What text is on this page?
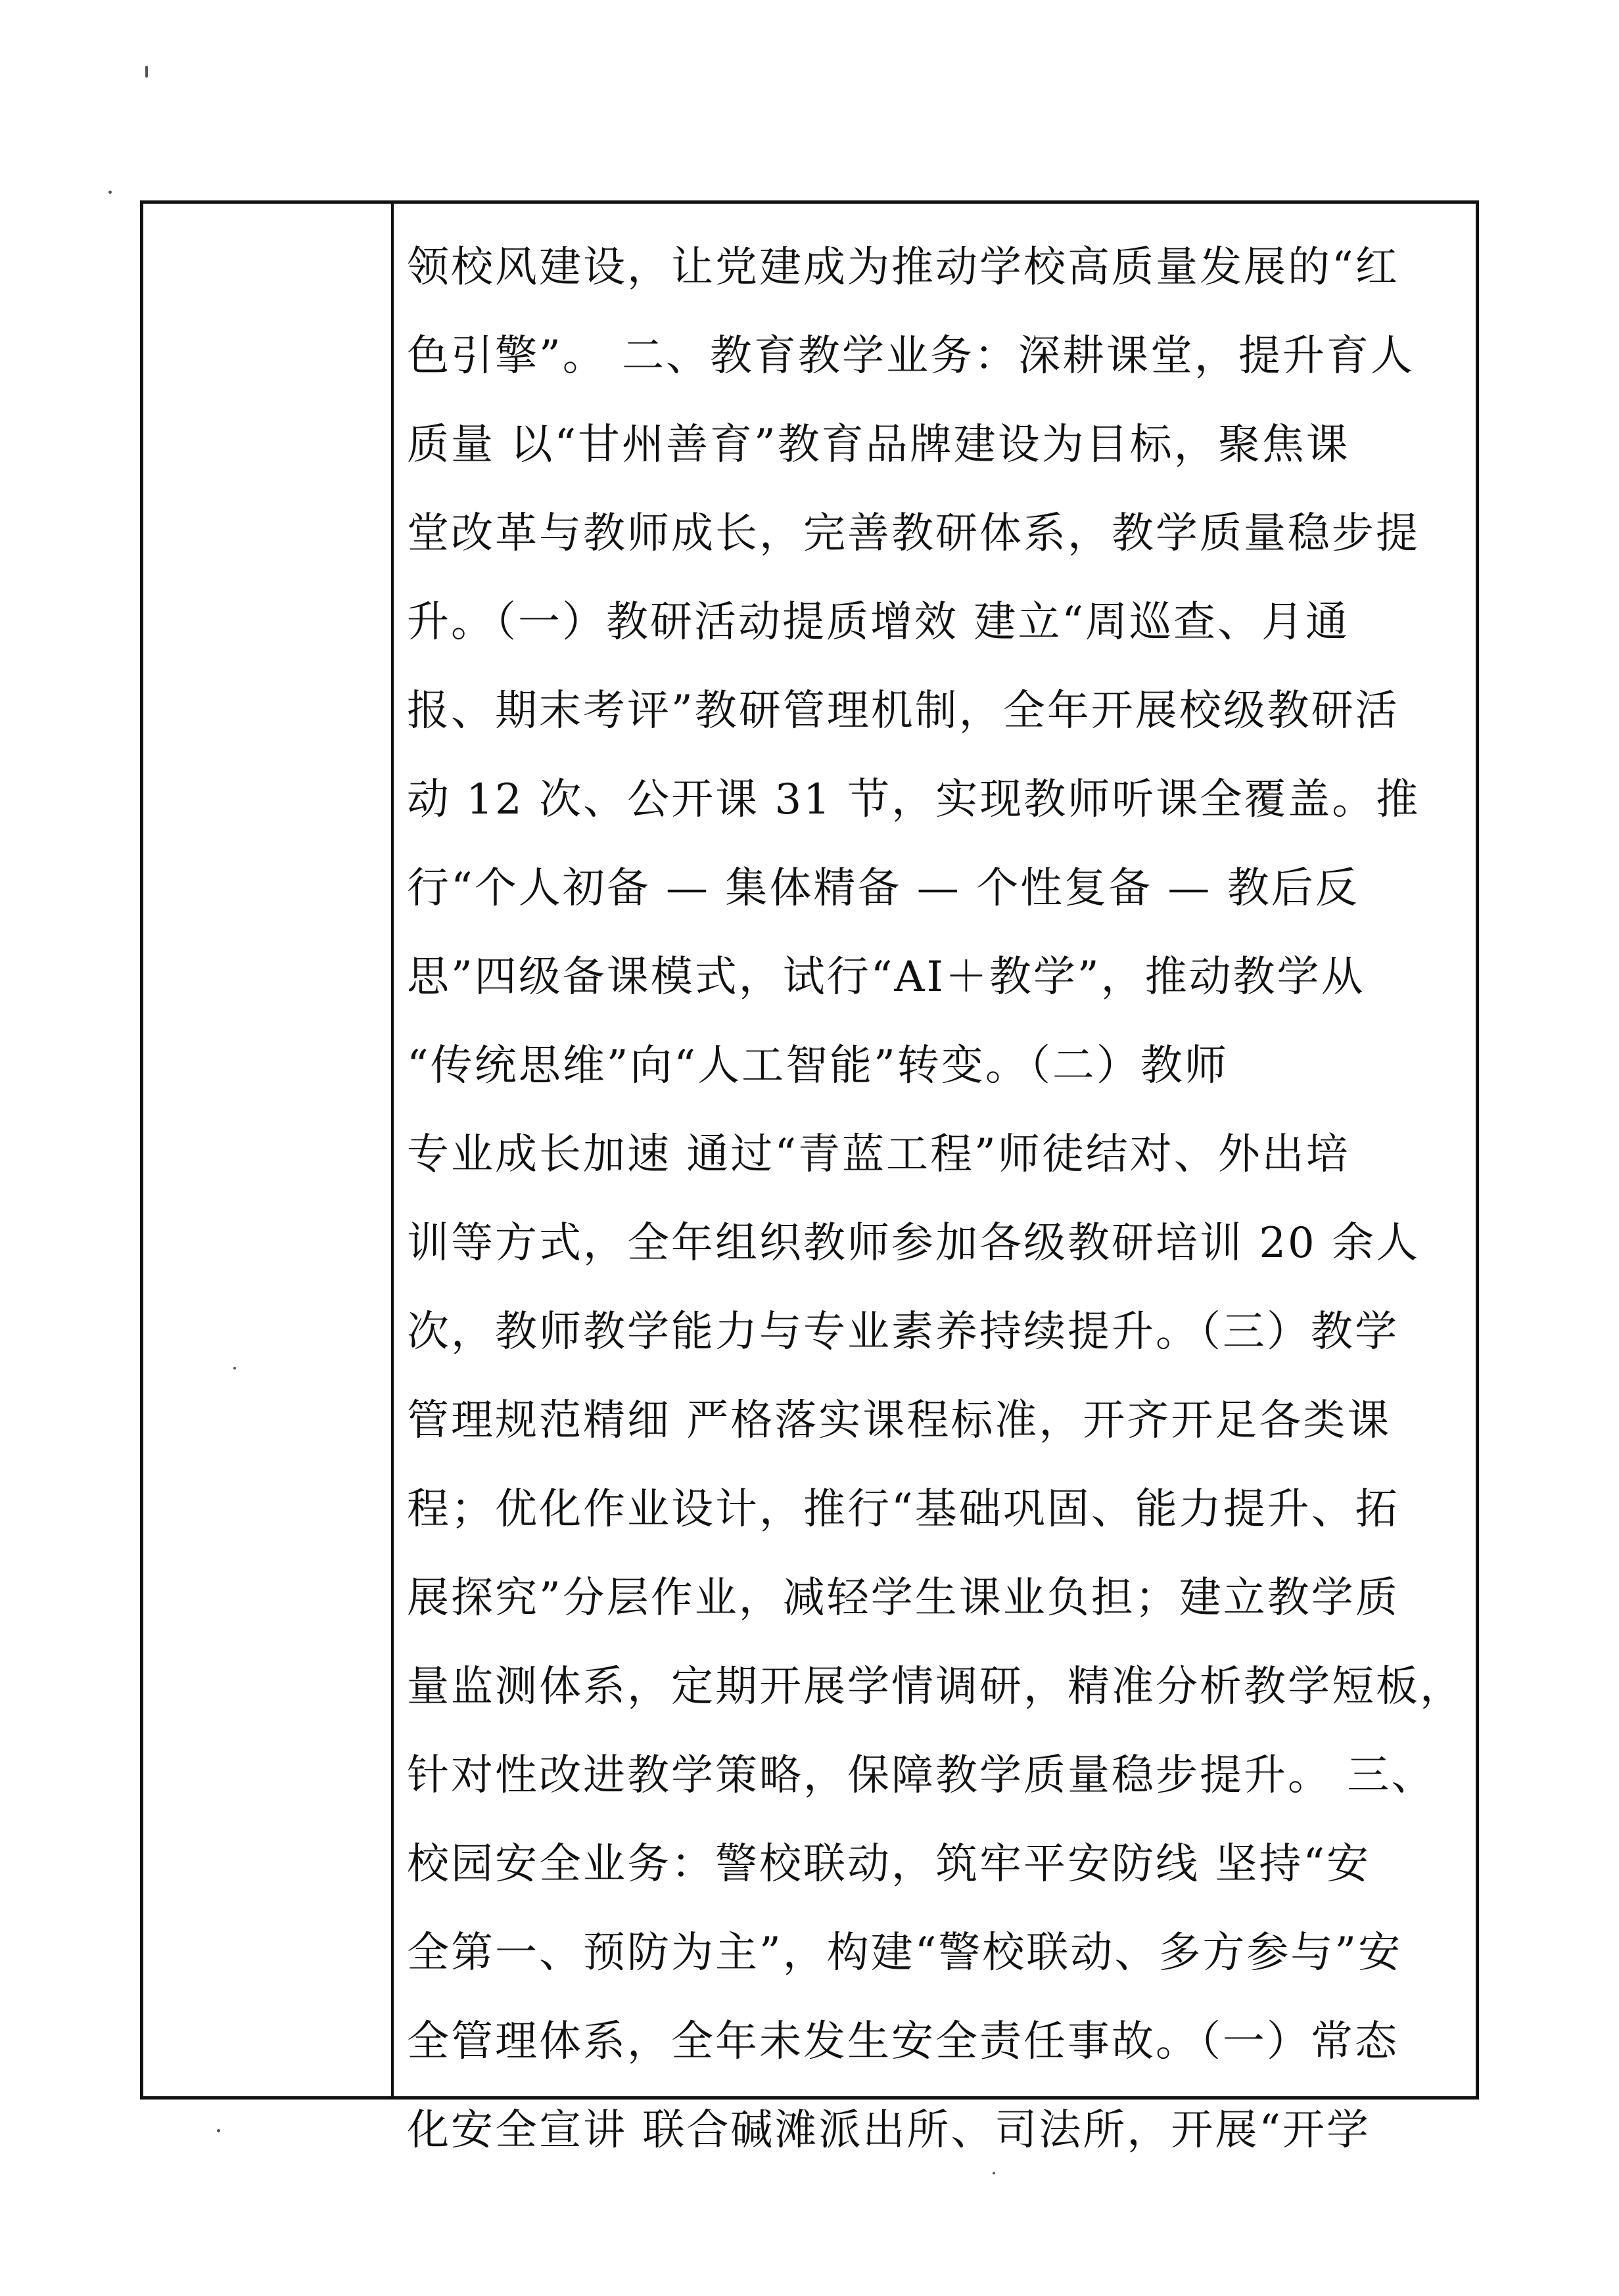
领校风建设，让党建成为推动学校高质量发展的“红
色引擎”。 二、教育教学业务：深耕课堂，提升育人
质量 以“甘州善育”教育品牌建设为目标，聚焦课
堂改革与教师成长，完善教研体系，教学质量稳步提
升。（一）教研活动提质增效 建立“周巡查、月通
报、期末考评”教研管理机制，全年开展校级教研活
动 12 次、公开课 31 节，实现教师听课全覆盖。推
行“个人初备 — 集体精备 — 个性复备 — 教后反
思”四级备课模式，试行“AI＋教学”，推动教学从
“传统思维”向“人工智能”转变。（二）教师
专业成长加速 通过“青蓝工程”师徒结对、外出培
训等方式，全年组织教师参加各级教研培训 20 余人
次，教师教学能力与专业素养持续提升。（三）教学
管理规范精细 严格落实课程标准，开齐开足各类课
程；优化作业设计，推行“基础巩固、能力提升、拓
展探究”分层作业，减轻学生课业负担；建立教学质
量监测体系，定期开展学情调研，精准分析教学短板，
针对性改进教学策略，保障教学质量稳步提升。 三、
校园安全业务：警校联动，筑牢平安防线 坚持“安
全第一、预防为主”，构建“警校联动、多方参与”安
全管理体系，全年未发生安全责任事故。（一）常态
化安全宣讲 联合碱滩派出所、司法所，开展“开学
